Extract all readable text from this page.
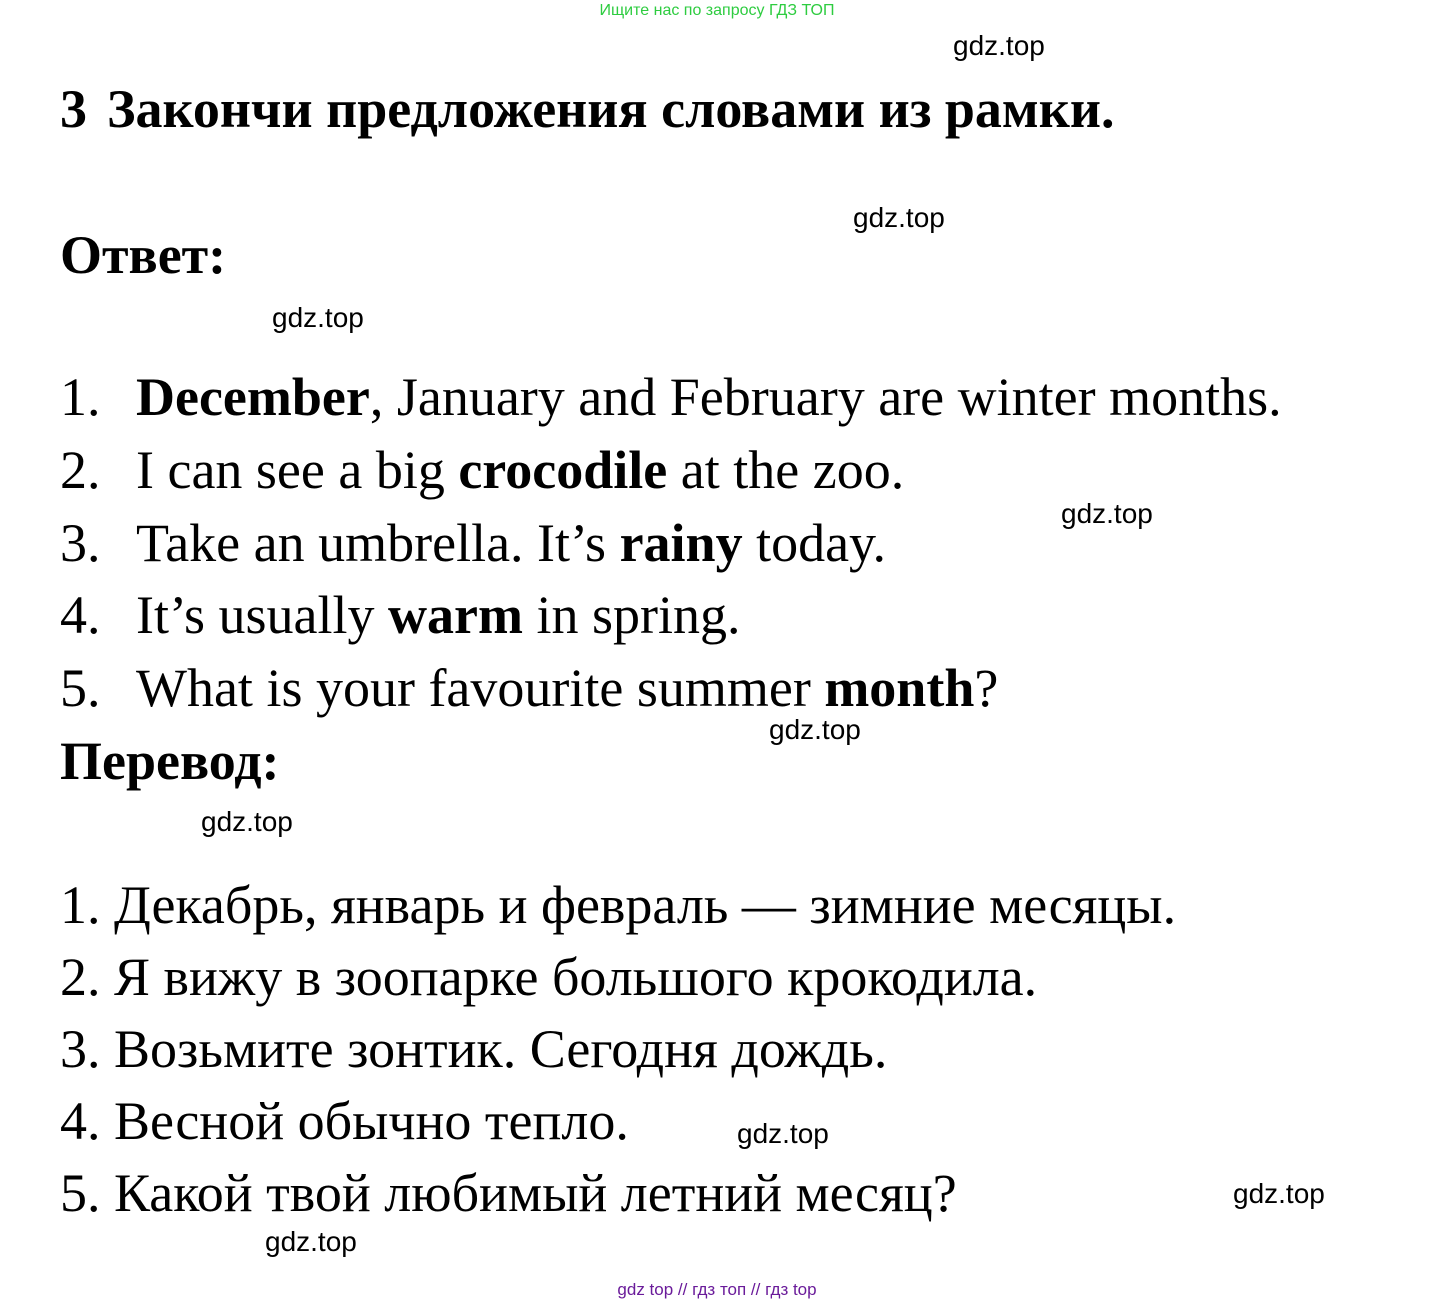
Ищите нас по запросу ГДЗ ТОП
gdz.top
3 Закончи предложения словами из рамки.
gdz.top
Ответ:
gdz.top
1. December, January and February are winter months.
2. I can see a big crocodile at the zoo.
gdz.top
3. Take an umbrella. It’s rainy today.
4. It’s usually warm in spring.
5. What is your favourite summer month?
gdz.top
Перевод:
gdz.top
1. Декабрь, январь и февраль — зимние месяцы.
2. Я вижу в зоопарке большого крокодила.
3. Возьмите зонтик. Сегодня дождь.
4. Весной обычно тепло.	gdz.top
5. Какой твой любимый летний месяц?	gdz.top
gdz.top
gdz top // гдз топ // гдз top
